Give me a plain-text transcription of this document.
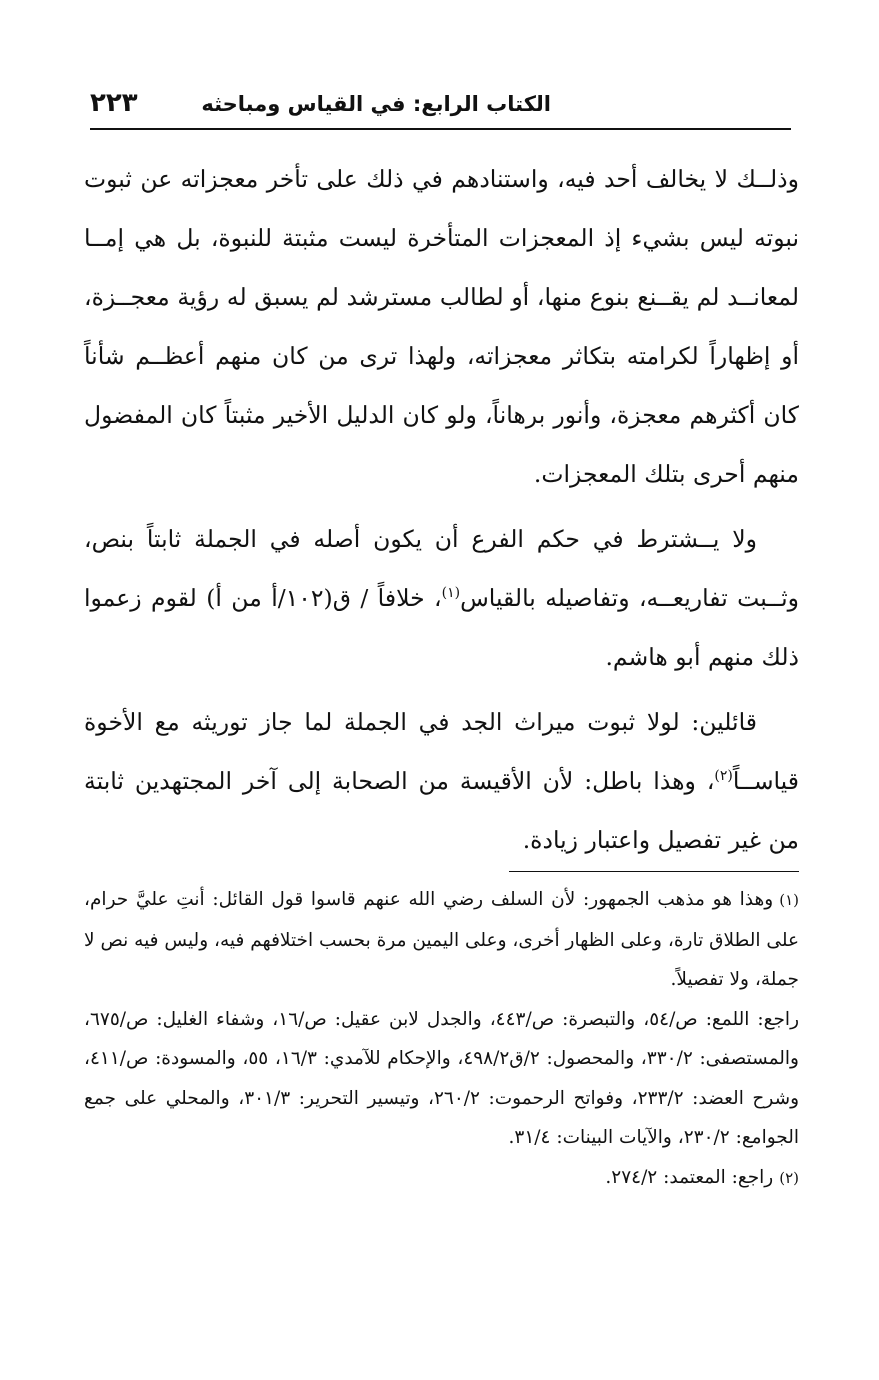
الكتاب الرابع: في القياس ومباحثه
٢٢٣

وذلــك لا يخالف أحد فيه، واستنادهم في ذلك على تأخر معجزاته عن ثبوت نبوته ليس بشيء إذ المعجزات المتأخرة ليست مثبتة للنبوة، بل هي إمــا لمعانــد لم يقــنع بنوع منها، أو لطالب مسترشد لم يسبق له رؤية معجــزة، أو إظهاراً لكرامته بتكاثر معجزاته، ولهذا ترى من كان منهم أعظــم شأناً كان أكثرهم معجزة، وأنور برهاناً، ولو كان الدليل الأخير مثبتاً كان المفضول منهم أحرى بتلك المعجزات.

ولا يــشترط في حكم الفرع أن يكون أصله في الجملة ثابتاً بنص، وثــبت تفاريعــه، وتفاصيله بالقياس$^{(١)}$، خلافاً / ق(١٠٢/أ من أ) لقوم زعموا ذلك منهم أبو هاشم.

قائلين: لولا ثبوت ميراث الجد في الجملة لما جاز توريثه مع الأخوة قياســاً$^{(٢)}$، وهذا باطل: لأن الأقيسة من الصحابة إلى آخر المجتهدين ثابتة من غير تفصيل واعتبار زيادة.

(١)وهذا هو مذهب الجمهور: لأن السلف رضي الله عنهم قاسوا قول القائل: أنتِ عليَّ حرام، على الطلاق تارة، وعلى الظهار أخرى، وعلى اليمين مرة بحسب اختلافهم فيه، وليس فيه نص لا جملة، ولا تفصيلاً.

راجع: اللمع: ص/٥٤، والتبصرة: ص/٤٤٣، والجدل لابن عقيل: ص/١٦، وشفاء الغليل: ص/٦٧٥، والمستصفى: ٣٣٠/٢، والمحصول: ٢/ق٤٩٨/٢، والإحكام للآمدي: ١٦/٣، ٥٥، والمسودة: ص/٤١١، وشرح العضد: ٢٣٣/٢، وفواتح الرحموت: ٢٦٠/٢، وتيسير التحرير: ٣٠١/٣، والمحلي على جمع الجوامع: ٢٣٠/٢، والآيات البينات: ٣١/٤.

(٢)راجع: المعتمد: ٢٧٤/٢.
